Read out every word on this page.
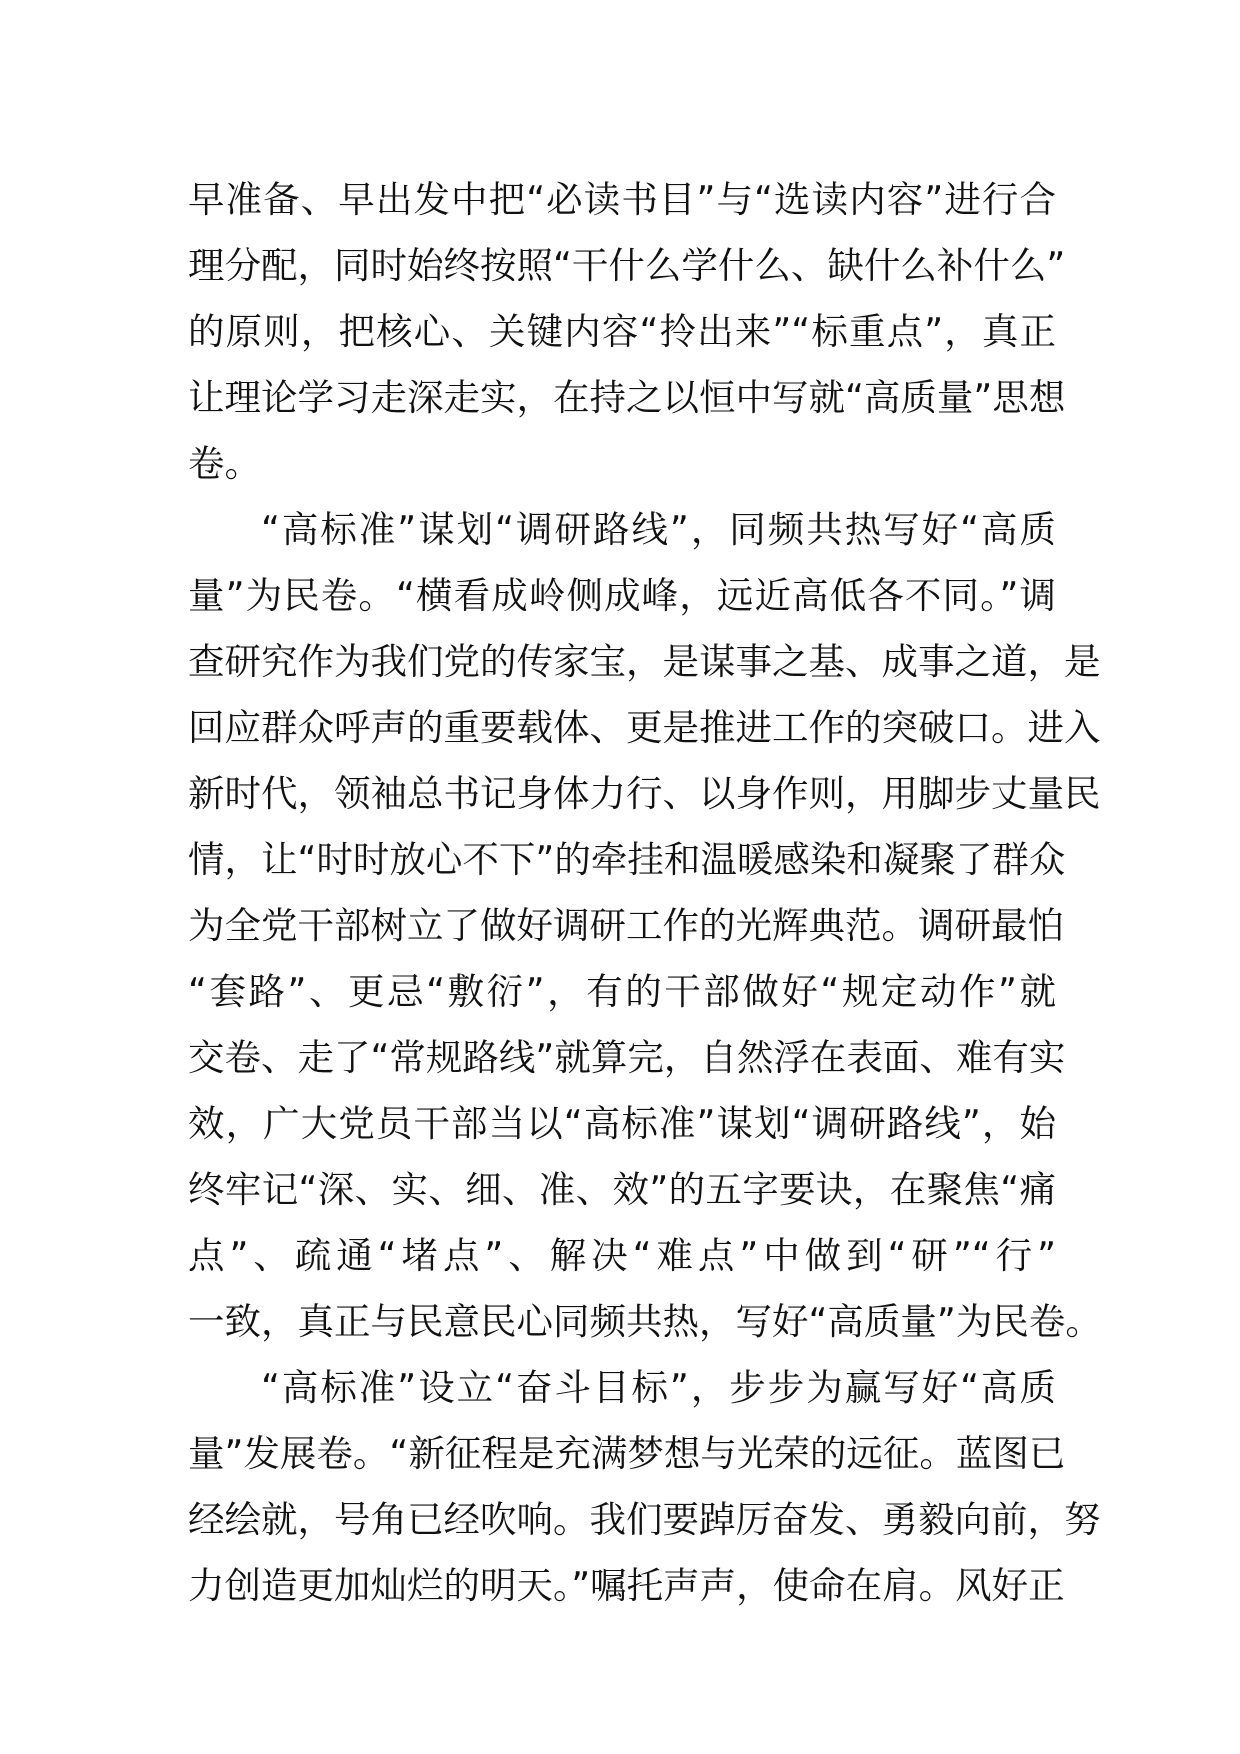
早准备、早出发中把“必读书目”与“选读内容”进行合
理分配，同时始终按照“干什么学什么、缺什么补什么”
的原则，把核心、关键内容“拎出来”“标重点”，真正
让理论学习走深走实，在持之以恒中写就“高质量”思想
卷。
“高标准”谋划“调研路线”，同频共热写好“高质
量”为民卷。“横看成岭侧成峰，远近高低各不同。”调
查研究作为我们党的传家宝，是谋事之基、成事之道，是
回应群众呼声的重要载体、更是推进工作的突破口。进入
新时代，领袖总书记身体力行、以身作则，用脚步丈量民
情，让“时时放心不下”的牵挂和温暖感染和凝聚了群众
为全党干部树立了做好调研工作的光辉典范。调研最怕
“套路”、更忌“敷衍”，有的干部做好“规定动作”就
交卷、走了“常规路线”就算完，自然浮在表面、难有实
效，广大党员干部当以“高标准”谋划“调研路线”，始
终牢记“深、实、细、准、效”的五字要诀，在聚焦“痛
点”、疏通“堵点”、解决“难点”中做到“研”“行”
一致，真正与民意民心同频共热，写好“高质量”为民卷。
“高标准”设立“奋斗目标”，步步为赢写好“高质
量”发展卷。“新征程是充满梦想与光荣的远征。蓝图已
经绘就，号角已经吹响。我们要踔厉奋发、勇毅向前，努
力创造更加灿烂的明天。”嘱托声声，使命在肩。风好正
